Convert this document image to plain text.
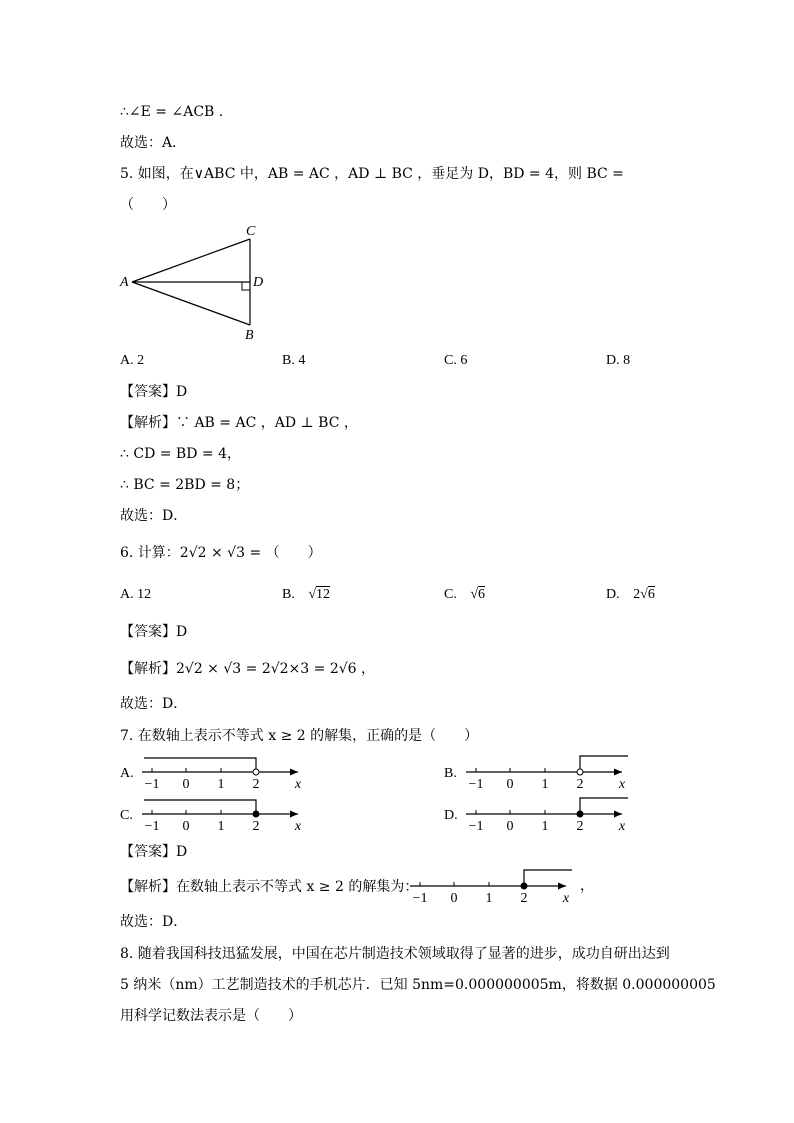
∴∠E = ∠ACB .
故选：A．
5. 如图，在∨ABC 中，AB = AC ，AD ⊥ BC ，垂足为 D，BD = 4，则 BC =
（　　）
A
C
D
B
A. 2	B. 4	C. 6	D. 8
【答案】D
【解析】∵ AB = AC ，AD ⊥ BC ，
∴ CD = BD = 4，
∴ BC = 2BD = 8；
故选：D．
6. 计算：2√2 × √3 = （　　）
A. 12	B. √12	C. √6	D. 2√6
【答案】D
【解析】2√2 × √3 = 2√2×3 = 2√6 ，
故选：D．
7. 在数轴上表示不等式 x ≥ 2 的解集，正确的是（　　）
A.	B.
C.	D.
−1 0 1 2	x	−1 0 1 2	x
−1 0 1 2	x	−1 0 1 2	x
【答案】D
【解析】在数轴上表示不等式 x ≥ 2 的解集为：
−1 0 1 2	x
，
故选：D．
8. 随着我国科技迅猛发展，中国在芯片制造技术领域取得了显著的进步，成功自研出达到
5 纳米（nm）工艺制造技术的手机芯片．已知 5nm=0.000000005m，将数据 0.000000005
用科学记数法表示是（　　）
